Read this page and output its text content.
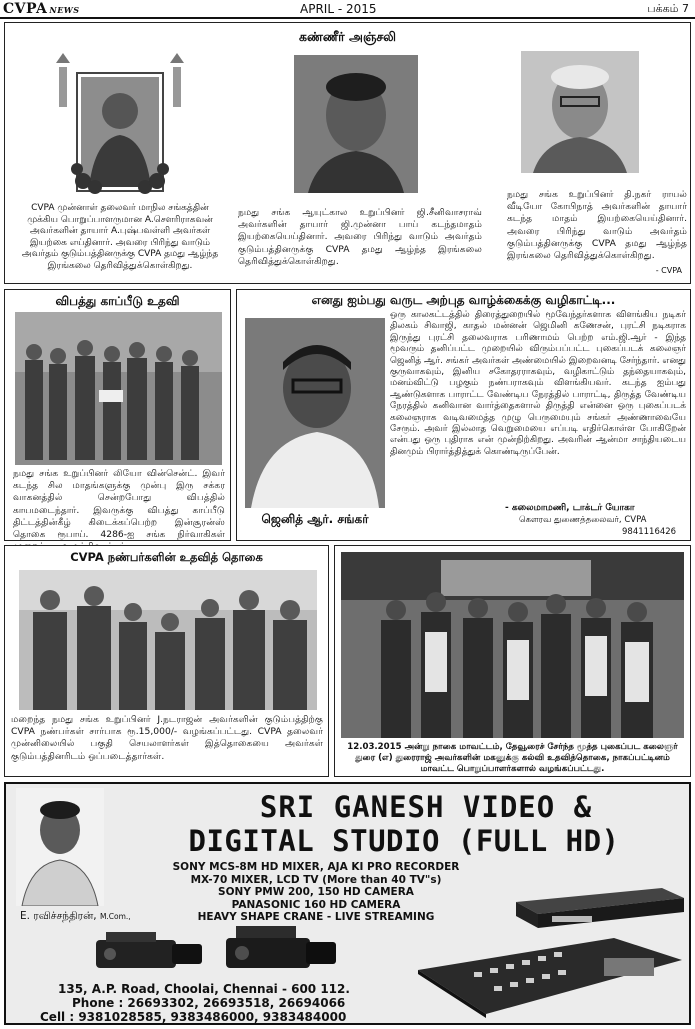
CVPA NEWS	APRIL - 2015	பக்கம் 7
கண்ணீர் அஞ்சலி
CVPA முன்னாள் தலைவர் மாநில சங்கத்தின் முக்கிய பொறுப்பாளருமான A.சௌரிராகவன் அவர்களின் தாயார் A.புஷ்பவள்ளி அவர்கள் இயற்கை எய்தினார். அவரை பிரிந்து வாடும் அவர்தம் குடும்பத்தினருக்கு CVPA தமது ஆழ்ந்த இரங்கலை தெரிவித்துக்கொள்கிறது.
நமது சங்க ஆயுட்கால உறுப்பினர் ஜி.சீனிவாசராவ் அவர்களின் தாயார் ஜி.முன்னா பாய் கடந்தமாதம் இயற்கையெய்தினார். அவரை பிரிந்து வாடும் அவர்தம் குடும்பத்தினருக்கு CVPA தமது ஆழ்ந்த இரங்கலை தெரிவித்துக்கொள்கிறது.
நமது சங்க உறுப்பினர் தி.நகர் ராயல் வீடியோ கோபிநாத் அவர்களின் தாயார் கடந்த மாதம் இயற்கையெய்தினார். அவரை பிரிந்து வாடும் அவர்தம் குடும்பத்தினருக்கு CVPA தமது ஆழ்ந்த இரங்கலை தெரிவித்துக்கொள்கிறது.
- CVPA
விபத்து காப்பீடு உதவி
நமது சங்க உறுப்பினர் லியோ வின்சென்ட். இவர் கடந்த சில மாதங்களுக்கு முன்பு இரு சக்கர வாகனத்தில் சென்றபோது விபத்தில் காயமடைந்தார். இவருக்கு விபத்து காப்பீடு திட்டத்தின்கீழ் கிடைக்கப்பெற்ற இன்சூரன்ஸ் தொகை ரூபாய். 4286-ஐ சங்க நிர்வாகிகள்
எனது ஐம்பது வருட அற்புத வாழ்க்கைக்கு வழிகாட்டி...
ஜெனித் ஆர். சங்கர்
ஒரு காலகட்டத்தில் திரைத்துறையில் மூவேந்தர்களாக விளங்கிய நடிகர் திலகம் சிவாஜி, காதல் மன்னன் ஜெமினி கணேசன், புரட்சி நடிகராக இருந்து புரட்சி தலைவராக பரிணாமம் பெற்ற எம்.ஜி.ஆர் - இந்த மூவரும் தனிப்பட்ட முறையில் விரும்பப்பட்ட புகைப்படக் கலைஞர் ஜெனித் ஆர். சங்கர் அவர்கள் அண்மையில் இறைவனடி சேர்ந்தார். எனது குருவாகவும், இனிய சகோதரராகவும், வழிகாட்டும் தந்தையாகவும், மனம்விட்டு பழகும் நண்பராகவும் விளங்கியவர். கடந்த ஐம்பது ஆண்டுகளாக பாராட்ட வேண்டிய நேரத்தில் பாராட்டி, திருத்த வேண்டிய நேரத்தில் கனிவான வார்த்தைகளால் திருத்தி என்னை ஒரு புகைப்படக் கலைஞராக வடிவமைத்த முழு பெருமையும் சங்கர் அண்ணாவையே சேரும். அவர் இல்லாத வெறுமையை எப்படி எதிர்கொள்ள போகிறேன் என்பது ஒரு புதிராக என் முன்நிற்கிறது. அவரின் ஆன்மா சாந்தியடைய தினமும் பிரார்த்தித்துக் கொண்டிருப்பேன்.
- கலைமாமணி, டாக்டர் யோகா
கௌரவ துணைத்தலைவர், CVPA
9841116426
CVPA நண்பர்களின் உதவித் தொகை
மறைந்த நமது சங்க உறுப்பினர் J.நடராஜன் அவர்களின் குடும்பத்திற்கு CVPA நண்பர்கள் சார்பாக ரூ.15,000/- வழங்கப்பட்டது. CVPA தலைவர் முன்னிலையில் பகுதி செயலாளர்கள் இத்தொகையை அவர்கள் குடும்பத்தினரிடம் ஒப்படைத்தார்கள்.
12.03.2015 அன்று நாகை மாவட்டம், தேவூரைச் சேர்ந்த மூத்த புகைப்பட கலைஞர் துரை (எ) துரைராஜ் அவர்களின் மகனுக்கு கல்வி உதவித்தொகை, நாகப்பட்டினம் மாவட்ட பொறுப்பாளர்களால் வழங்கப்பட்டது.
E. ரவிச்சந்திரன், M.Com.,
SRI GANESH VIDEO &
DIGITAL STUDIO (FULL HD)
SONY MCS-8M HD MIXER, AJA KI PRO RECORDER
MX-70 MIXER, LCD TV (More than 40 TV"s)
SONY PMW 200, 150 HD CAMERA
PANASONIC 160 HD CAMERA
HEAVY SHAPE CRANE - LIVE STREAMING
135, A.P. Road, Choolai, Chennai - 600 112.
Phone : 26693302, 26693518, 26694066
Cell : 9381028585, 9383486000, 9383484000
